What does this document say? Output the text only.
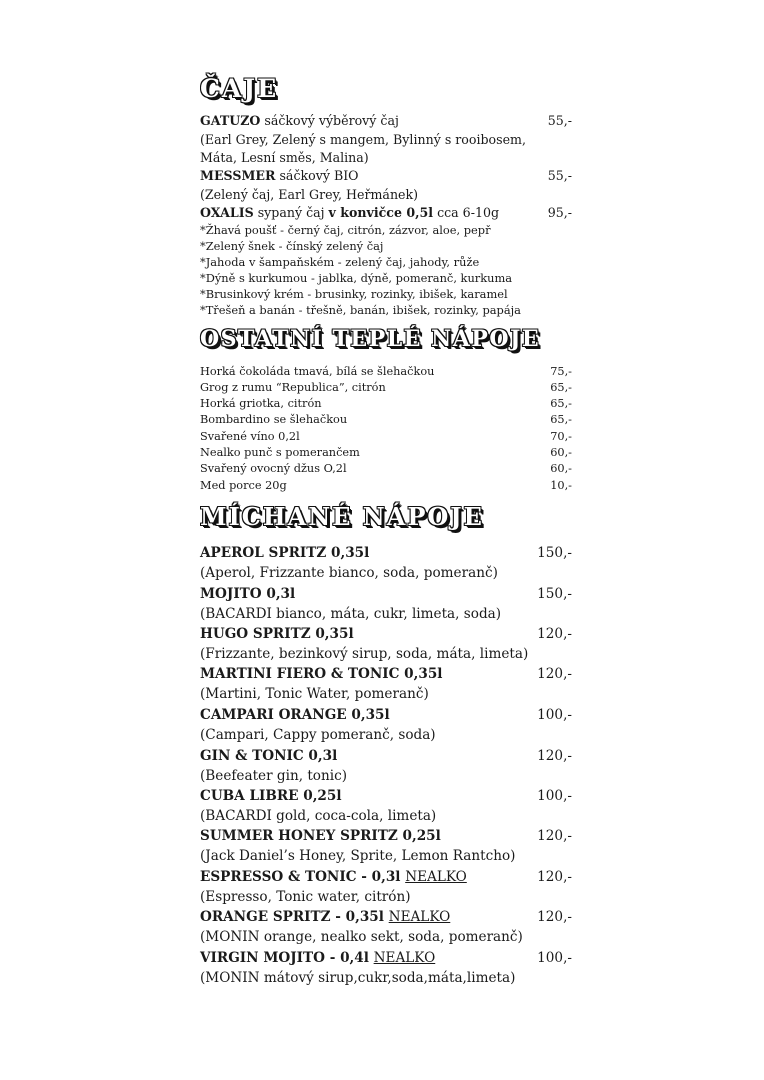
ČAJE
GATUZO sáčkový výběrový čaj	55,-
(Earl Grey, Zelený s mangem, Bylinný s rooibosem,
Máta, Lesní směs, Malina)
MESSMER sáčkový BIO	55,-
(Zelený čaj, Earl Grey, Heřmánek)
OXALIS sypaný čaj v konvičce 0,5l cca 6-10g	95,-
*Žhavá poušť - černý čaj, citrón, zázvor, aloe, pepř
*Zelený šnek - čínský zelený čaj
*Jahoda v šampaňském - zelený čaj, jahody, růže
*Dýně s kurkumou - jablka, dýně, pomeranč, kurkuma
*Brusinkový krém - brusinky, rozinky, ibišek, karamel
*Třešeň a banán - třešně, banán, ibišek, rozinky, papája
OSTATNÍ TEPLÉ NÁPOJE
Horká čokoláda tmavá, bílá se šlehačkou	75,-
Grog z rumu “Republica”, citrón	65,-
Horká griotka, citrón	65,-
Bombardino se šlehačkou	65,-
Svařené víno 0,2l	70,-
Nealko punč s pomerančem	60,-
Svařený ovocný džus O,2l	60,-
Med porce 20g	10,-
MÍCHANÉ NÁPOJE
APEROL SPRITZ 0,35l	150,-
(Aperol, Frizzante bianco, soda, pomeranč)
MOJITO 0,3l	150,-
(BACARDI bianco, máta, cukr, limeta, soda)
HUGO SPRITZ 0,35l	120,-
(Frizzante, bezinkový sirup, soda, máta, limeta)
MARTINI FIERO & TONIC 0,35l	120,-
(Martini, Tonic Water, pomeranč)
CAMPARI ORANGE 0,35l	100,-
(Campari, Cappy pomeranč, soda)
GIN & TONIC 0,3l	120,-
(Beefeater gin, tonic)
CUBA LIBRE 0,25l	100,-
(BACARDI gold, coca-cola, limeta)
SUMMER HONEY SPRITZ 0,25l	120,-
(Jack Daniel’s Honey, Sprite, Lemon Rantcho)
ESPRESSO & TONIC - 0,3l NEALKO	120,-
(Espresso, Tonic water, citrón)
ORANGE SPRITZ - 0,35l NEALKO	120,-
(MONIN orange, nealko sekt, soda, pomeranč)
VIRGIN MOJITO - 0,4l NEALKO	100,-
(MONIN mátový sirup,cukr,soda,máta,limeta)
